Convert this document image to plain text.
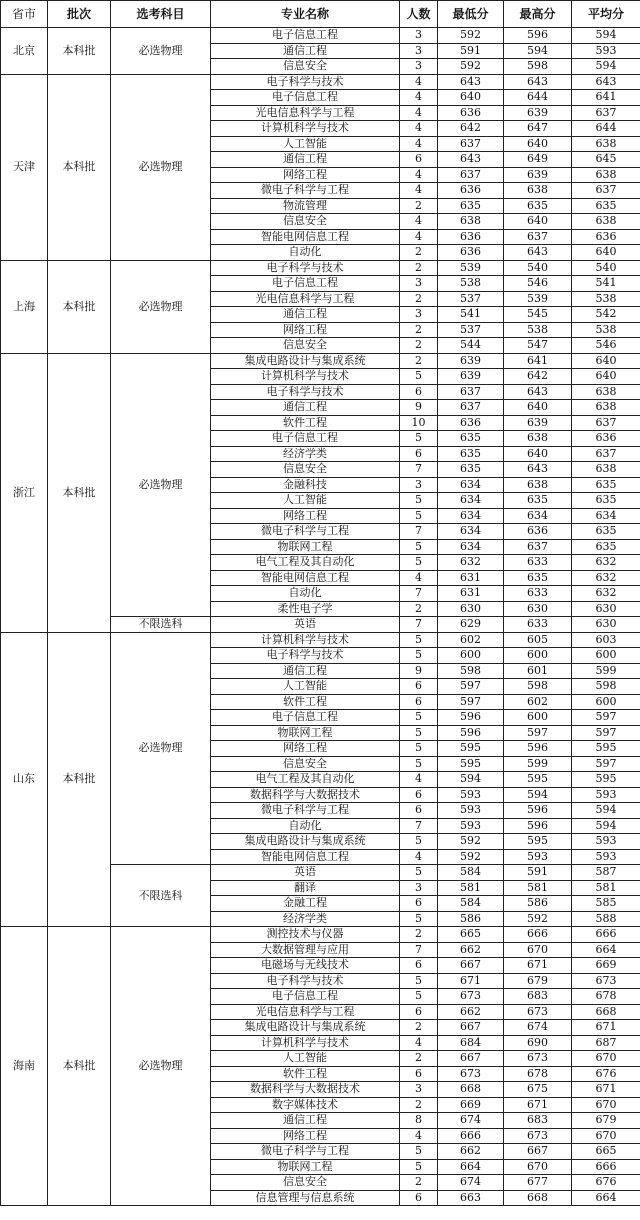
省市	批次	选考科目	专业名称	人数	最低分	最高分	平均分
北京	本科批	必选物理	电子信息工程	3	592	596	594
			通信工程	3	591	594	593
			信息安全	3	592	598	594
天津	本科批	必选物理	电子科学与技术	4	643	643	643
			电子信息工程	4	640	644	641
			光电信息科学与工程	4	636	639	637
			计算机科学与技术	4	642	647	644
			人工智能	4	637	640	638
			通信工程	6	643	649	645
			网络工程	4	637	639	638
			微电子科学与工程	4	636	638	637
			物流管理	2	635	635	635
			信息安全	4	638	640	638
			智能电网信息工程	4	636	637	636
			自动化	2	636	643	640
上海	本科批	必选物理	电子科学与技术	2	539	540	540
			电子信息工程	3	538	546	541
			光电信息科学与工程	2	537	539	538
			通信工程	3	541	545	542
			网络工程	2	537	538	538
			信息安全	2	544	547	546
浙江	本科批	必选物理	集成电路设计与集成系统	2	639	641	640
			计算机科学与技术	5	639	642	640
			电子科学与技术	6	637	643	638
			通信工程	9	637	640	638
			软件工程	10	636	639	637
			电子信息工程	5	635	638	636
			经济学类	6	635	640	637
			信息安全	7	635	643	638
			金融科技	3	634	638	635
			人工智能	5	634	635	635
			网络工程	5	634	634	634
			微电子科学与工程	7	634	636	635
			物联网工程	5	634	637	635
			电气工程及其自动化	5	632	633	632
			智能电网信息工程	4	631	635	632
			自动化	7	631	633	632
			柔性电子学	2	630	630	630
		不限选科	英语	7	629	633	630
山东	本科批	必选物理	计算机科学与技术	5	602	605	603
			电子科学与技术	5	600	600	600
			通信工程	9	598	601	599
			人工智能	6	597	598	598
			软件工程	6	597	602	600
			电子信息工程	5	596	600	597
			物联网工程	5	596	597	597
			网络工程	5	595	596	595
			信息安全	5	595	599	597
			电气工程及其自动化	4	594	595	595
			数据科学与大数据技术	6	593	594	593
			微电子科学与工程	6	593	596	594
			自动化	7	593	596	594
			集成电路设计与集成系统	5	592	595	593
			智能电网信息工程	4	592	593	593
		不限选科	英语	5	584	591	587
			翻译	3	581	581	581
			金融工程	6	584	586	585
			经济学类	5	586	592	588
海南	本科批	必选物理	测控技术与仪器	2	665	666	666
			大数据管理与应用	7	662	670	664
			电磁场与无线技术	6	667	671	669
			电子科学与技术	5	671	679	673
			电子信息工程	5	673	683	678
			光电信息科学与工程	6	662	673	668
			集成电路设计与集成系统	2	667	674	671
			计算机科学与技术	4	684	690	687
			人工智能	2	667	673	670
			软件工程	6	673	678	676
			数据科学与大数据技术	3	668	675	671
			数字媒体技术	2	669	671	670
			通信工程	8	674	683	679
			网络工程	4	666	673	670
			微电子科学与工程	5	662	667	665
			物联网工程	5	664	670	666
			信息安全	2	674	677	676
			信息管理与信息系统	6	663	668	664
